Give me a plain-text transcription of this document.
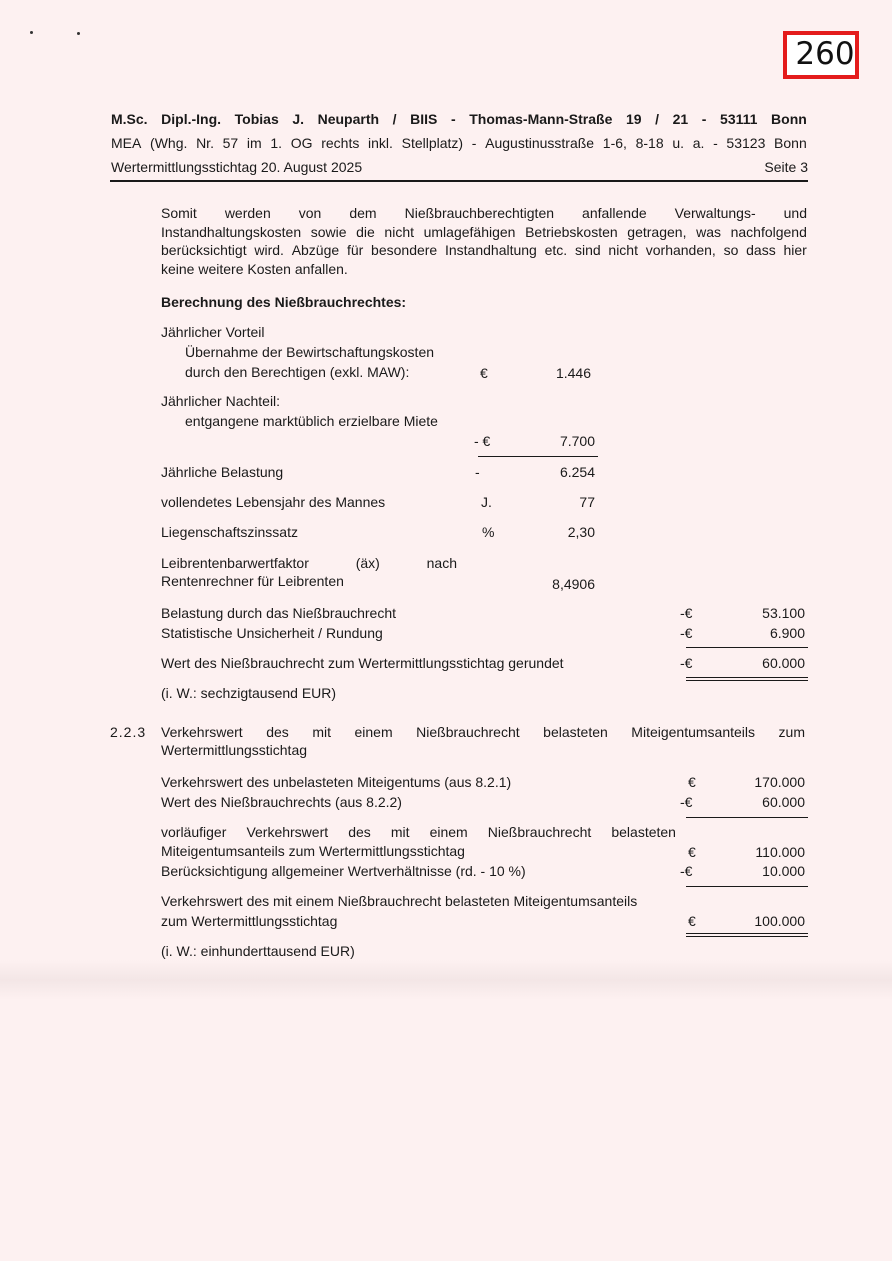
260
M.Sc. Dipl.-Ing. Tobias J. Neuparth / BIIS - Thomas-Mann-Straße 19 / 21 - 53111 Bonn
MEA (Whg. Nr. 57 im 1. OG rechts inkl. Stellplatz) - Augustinusstraße 1-6, 8-18 u. a. - 53123 Bonn
Wertermittlungsstichtag 20. August 2025	Seite 3
Somit werden von dem Nießbrauchberechtigten anfallende Verwaltungs- und
Instandhaltungskosten sowie die nicht umlagefähigen Betriebskosten getragen, was nachfolgend
berücksichtigt wird. Abzüge für besondere Instandhaltung etc. sind nicht vorhanden, so dass hier
keine weitere Kosten anfallen.
Berechnung des Nießbrauchrechtes:
Jährlicher Vorteil
Übernahme der Bewirtschaftungskosten
durch den Berechtigen (exkl. MAW):	€	1.446
Jährlicher Nachteil:
entgangene marktüblich erzielbare Miete
- €	7.700
Jährliche Belastung	-	6.254
vollendetes Lebensjahr des Mannes	J.	77
Liegenschaftszinssatz	%	2,30
Leibrentenbarwertfaktor	(äx)	nach
Rentenrechner für Leibrenten	8,4906
Belastung durch das Nießbrauchrecht	-€	53.100
Statistische Unsicherheit / Rundung	-€	6.900
Wert des Nießbrauchrecht zum Wertermittlungsstichtag gerundet	-€	60.000
(i. W.: sechzigtausend EUR)
2.2.3 Verkehrswert des mit einem Nießbrauchrecht belasteten Miteigentumsanteils zum
Wertermittlungsstichtag
Verkehrswert des unbelasteten Miteigentums (aus 8.2.1)	€	170.000
Wert des Nießbrauchrechts (aus 8.2.2)	-€	60.000
vorläufiger Verkehrswert des mit einem Nießbrauchrecht belasteten
Miteigentumsanteils zum Wertermittlungsstichtag	€	110.000
Berücksichtigung allgemeiner Wertverhältnisse (rd. - 10 %)	-€	10.000
Verkehrswert des mit einem Nießbrauchrecht belasteten Miteigentumsanteils
zum Wertermittlungsstichtag	€	100.000
(i. W.: einhunderttausend EUR)
